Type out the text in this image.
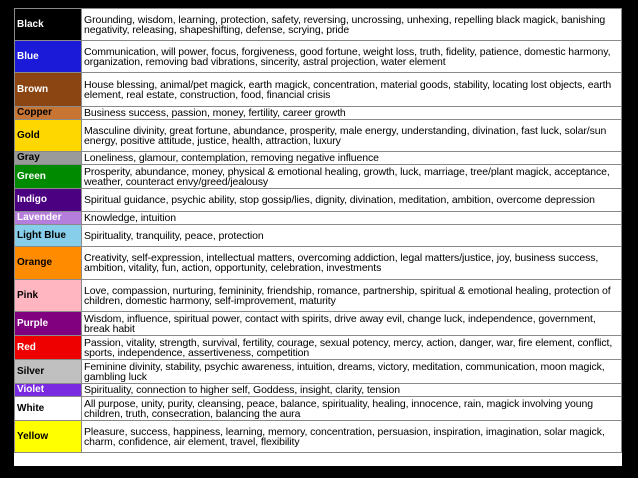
Black	Grounding, wisdom, learning, protection, safety, reversing, uncrossing, unhexing, repelling black magick, banishing negativity, releasing, shapeshifting, defense, scrying, pride
Blue	Communication, will power, focus, forgiveness, good fortune, weight loss, truth, fidelity, patience, domestic harmony, organization, removing bad vibrations, sincerity, astral projection, water element
Brown	House blessing, animal/pet magick, earth magick, concentration, material goods, stability, locating lost objects, earth element, real estate, construction, food, financial crisis
Copper	Business success, passion, money, fertility, career growth
Gold	Masculine divinity, great fortune, abundance, prosperity, male energy, understanding, divination, fast luck, solar/sun energy, positive attitude, justice, health, attraction, luxury
Gray	Loneliness, glamour, contemplation, removing negative influence
Green	Prosperity, abundance, money, physical & emotional healing, growth, luck, marriage, tree/plant magick, acceptance, weather, counteract envy/greed/jealousy
Indigo	Spiritual guidance, psychic ability, stop gossip/lies, dignity, divination, meditation, ambition, overcome depression
Lavender	Knowledge, intuition
Light Blue	Spirituality, tranquility, peace, protection
Orange	Creativity, self-expression, intellectual matters, overcoming addiction, legal matters/justice, joy, business success, ambition, vitality, fun, action, opportunity, celebration, investments
Pink	Love, compassion, nurturing, femininity, friendship, romance, partnership, spiritual & emotional healing, protection of children, domestic harmony, self-improvement, maturity
Purple	Wisdom, influence, spiritual power, contact with spirits, drive away evil, change luck, independence, government, break habit
Red	Passion, vitality, strength, survival, fertility, courage, sexual potency, mercy, action, danger, war, fire element, conflict, sports, independence, assertiveness, competition
Silver	Feminine divinity, stability, psychic awareness, intuition, dreams, victory, meditation, communication, moon magick, gambling luck
Violet	Spirituality, connection to higher self, Goddess, insight, clarity, tension
White	All purpose, unity, purity, cleansing, peace, balance, spirituality, healing, innocence, rain, magick involving young children, truth, consecration, balancing the aura
Yellow	Pleasure, success, happiness, learning, memory, concentration, persuasion, inspiration, imagination, solar magick, charm, confidence, air element, travel, flexibility
